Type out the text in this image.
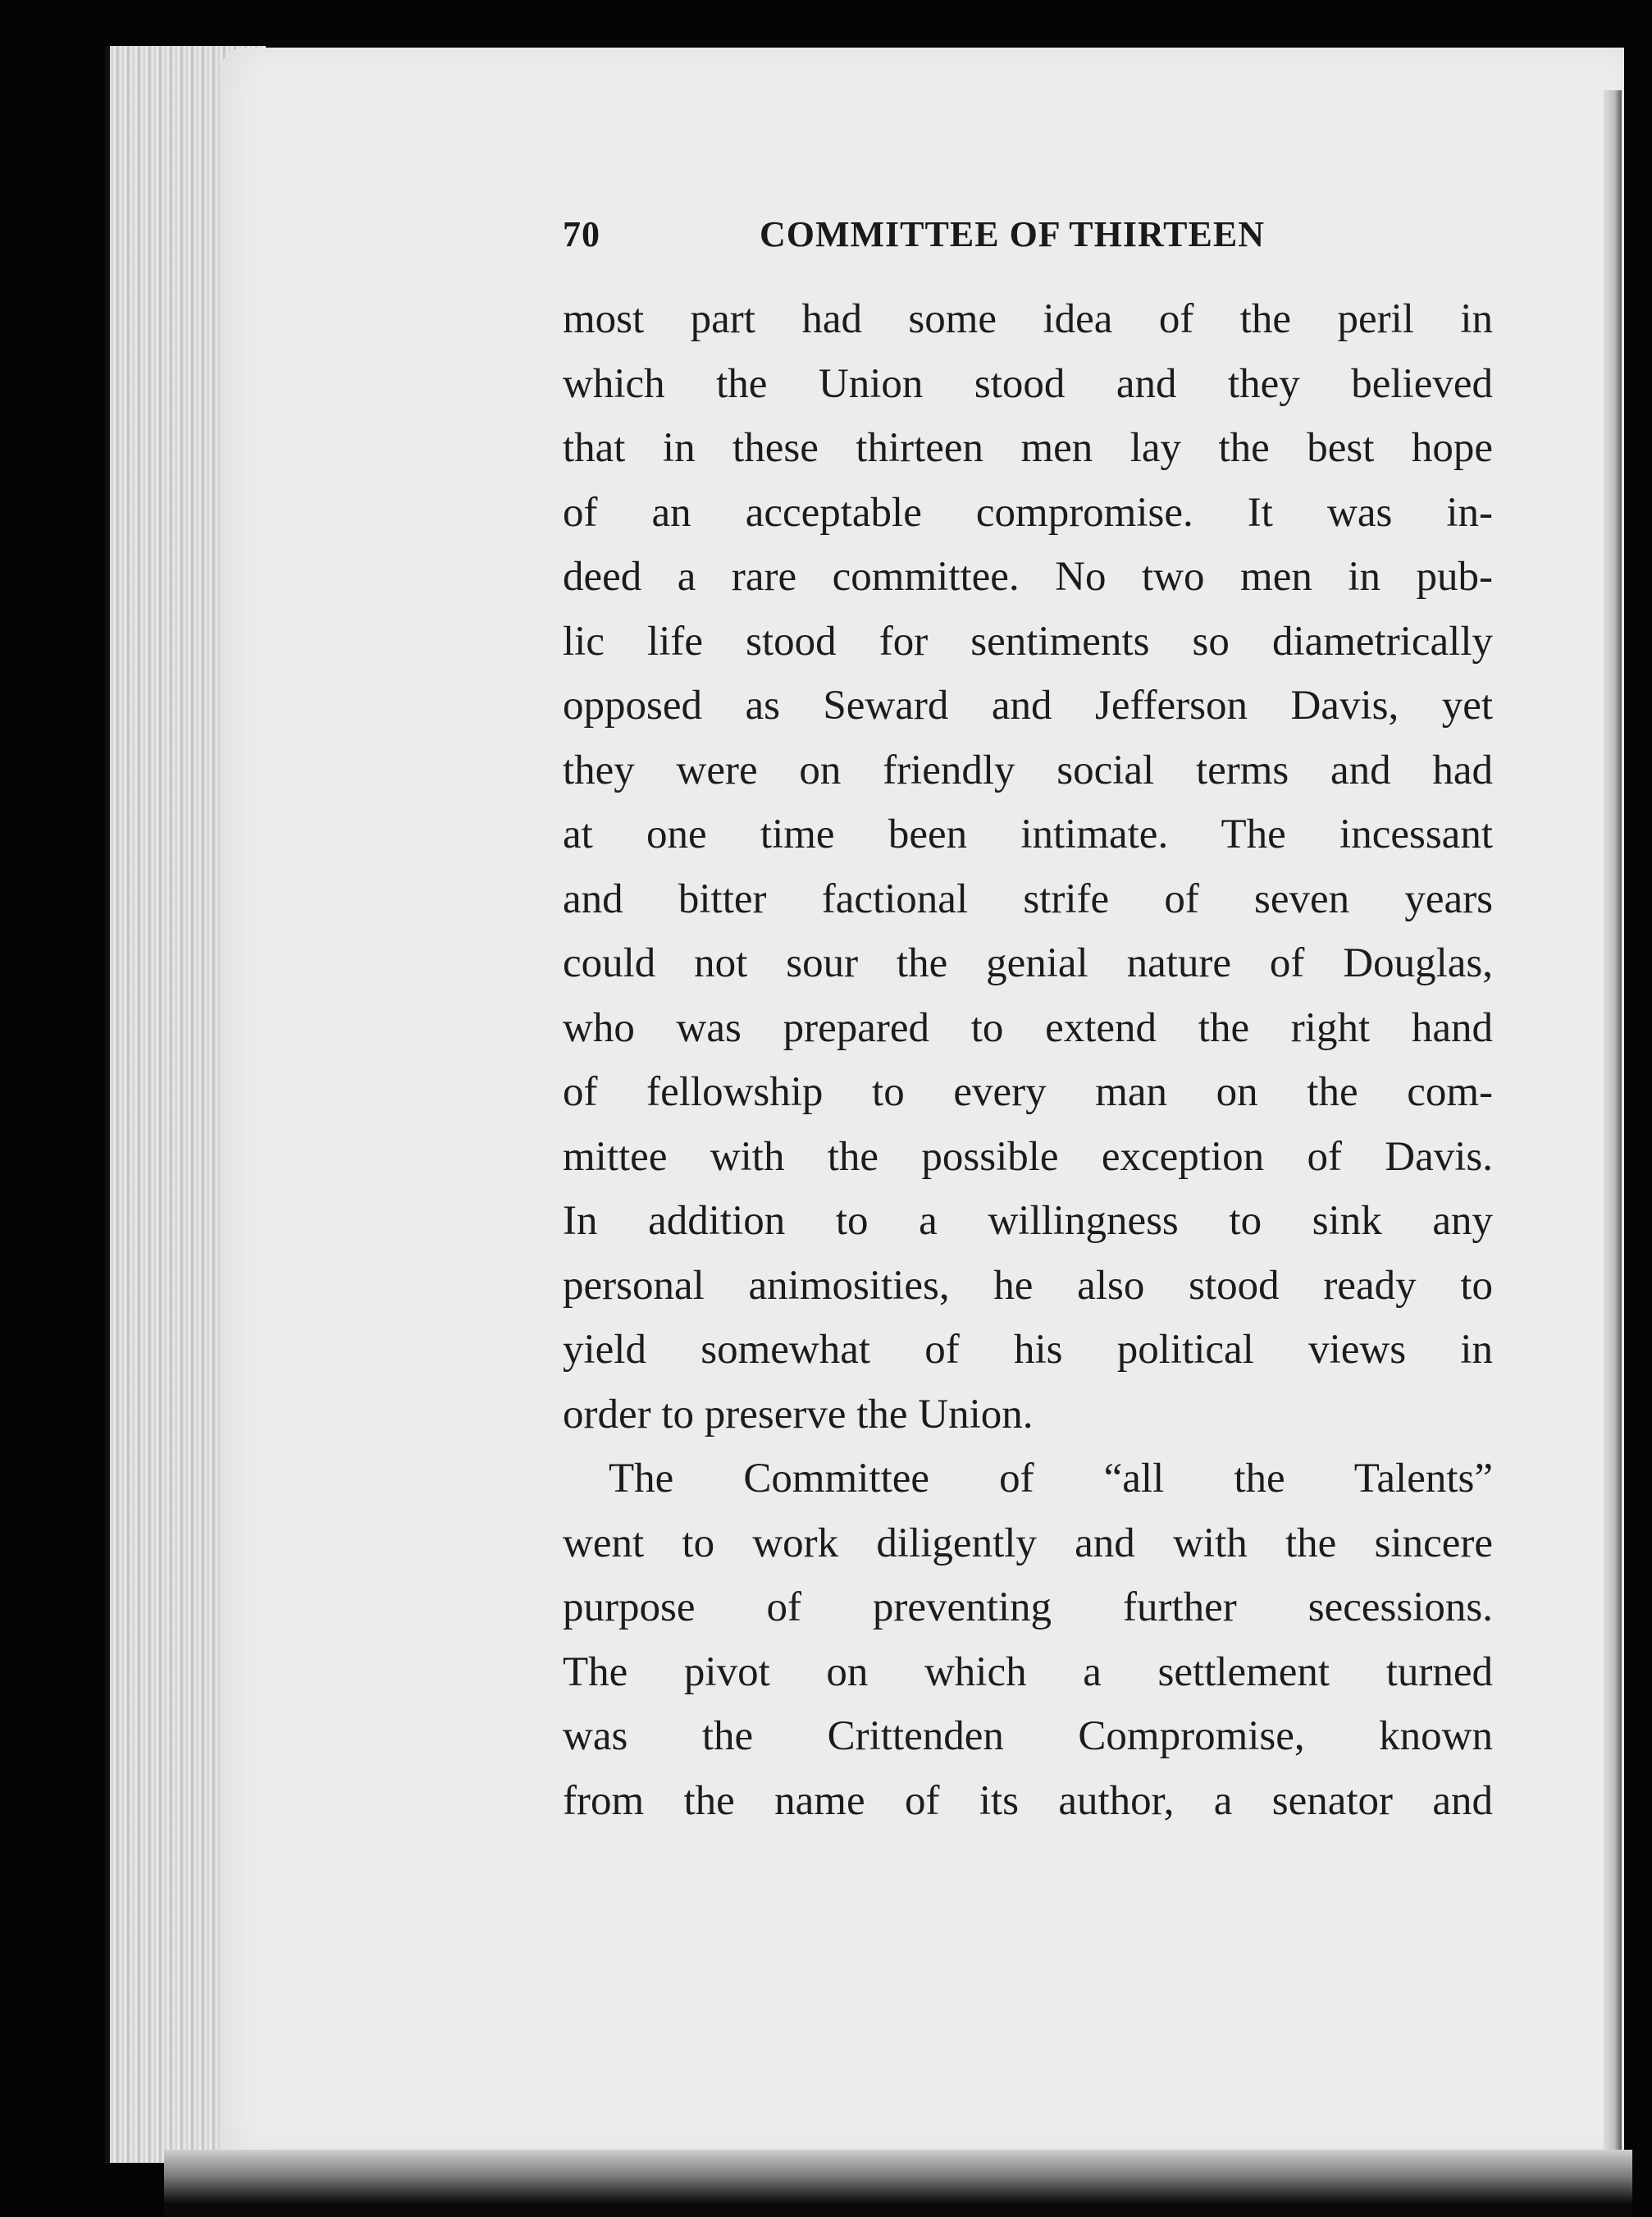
70	COMMITTEE OF THIRTEEN
most part had some idea of the peril in
which the Union stood and they believed
that in these thirteen men lay the best hope
of an acceptable compromise. It was in-
deed a rare committee. No two men in pub-
lic life stood for sentiments so diametrically
opposed as Seward and Jefferson Davis, yet
they were on friendly social terms and had
at one time been intimate. The incessant
and bitter factional strife of seven years
could not sour the genial nature of Douglas,
who was prepared to extend the right hand
of fellowship to every man on the com-
mittee with the possible exception of Davis.
In addition to a willingness to sink any
personal animosities, he also stood ready to
yield somewhat of his political views in
order to preserve the Union.
The Committee of “all the Talents”
went to work diligently and with the sincere
purpose of preventing further secessions.
The pivot on which a settlement turned
was the Crittenden Compromise, known
from the name of its author, a senator and
